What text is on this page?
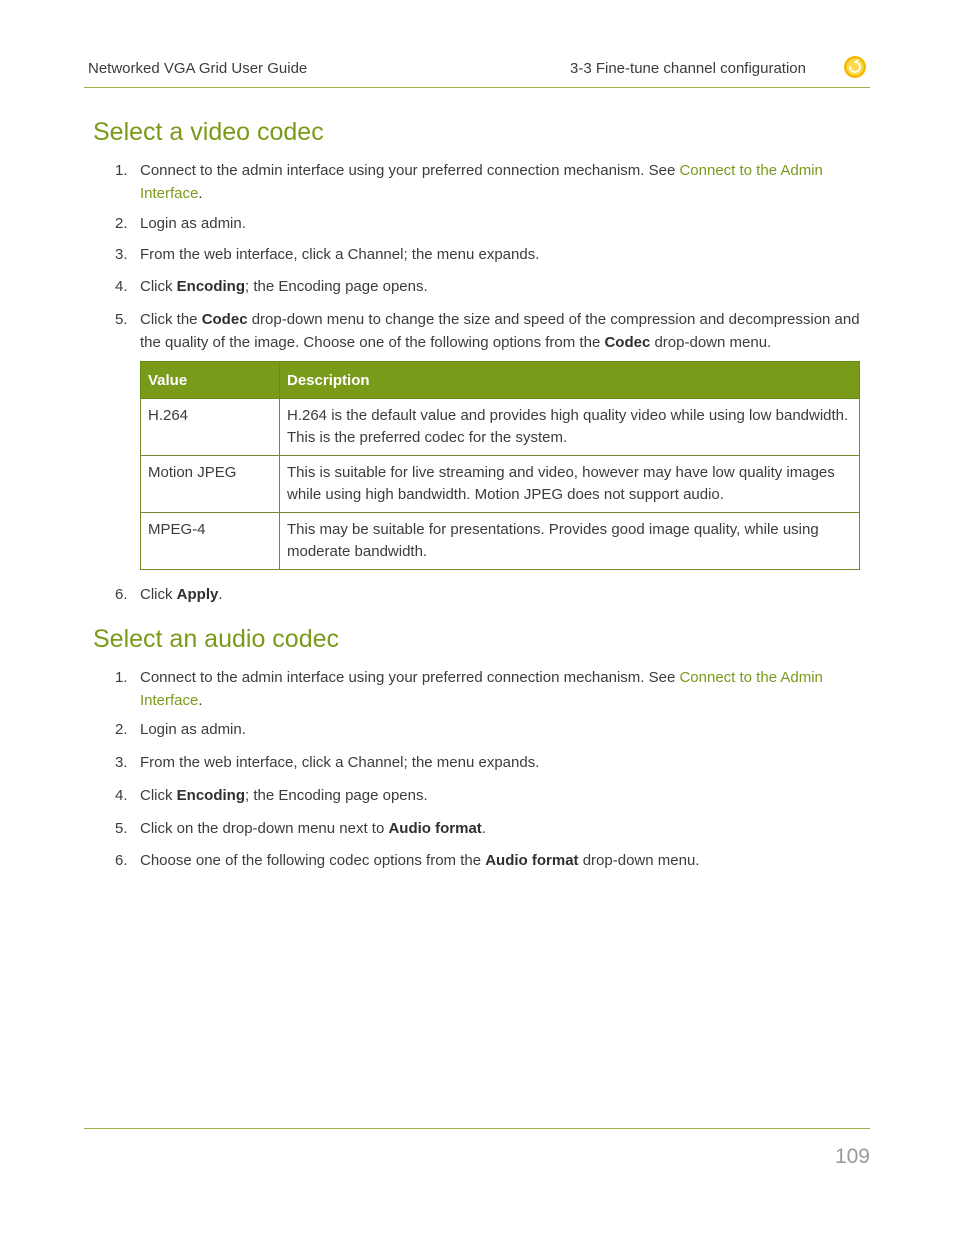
Networked VGA Grid User Guide	3-3 Fine-tune channel configuration
Select a video codec
1. Connect to the admin interface using your preferred connection mechanism. See Connect to the Admin Interface.
2. Login as admin.
3. From the web interface, click a Channel; the menu expands.
4. Click Encoding; the Encoding page opens.
5. Click the Codec drop-down menu to change the size and speed of the compression and decompression and the quality of the image. Choose one of the following options from the Codec drop-down menu.
Value	Description
H.264	H.264 is the default value and provides high quality video while using low bandwidth. This is the preferred codec for the system.
Motion JPEG	This is suitable for live streaming and video, however may have low quality images while using high bandwidth. Motion JPEG does not support audio.
MPEG-4	This may be suitable for presentations. Provides good image quality, while using moderate bandwidth.
6. Click Apply.
Select an audio codec
1. Connect to the admin interface using your preferred connection mechanism. See Connect to the Admin Interface.
2. Login as admin.
3. From the web interface, click a Channel; the menu expands.
4. Click Encoding; the Encoding page opens.
5. Click on the drop-down menu next to Audio format.
6. Choose one of the following codec options from the Audio format drop-down menu.
109
